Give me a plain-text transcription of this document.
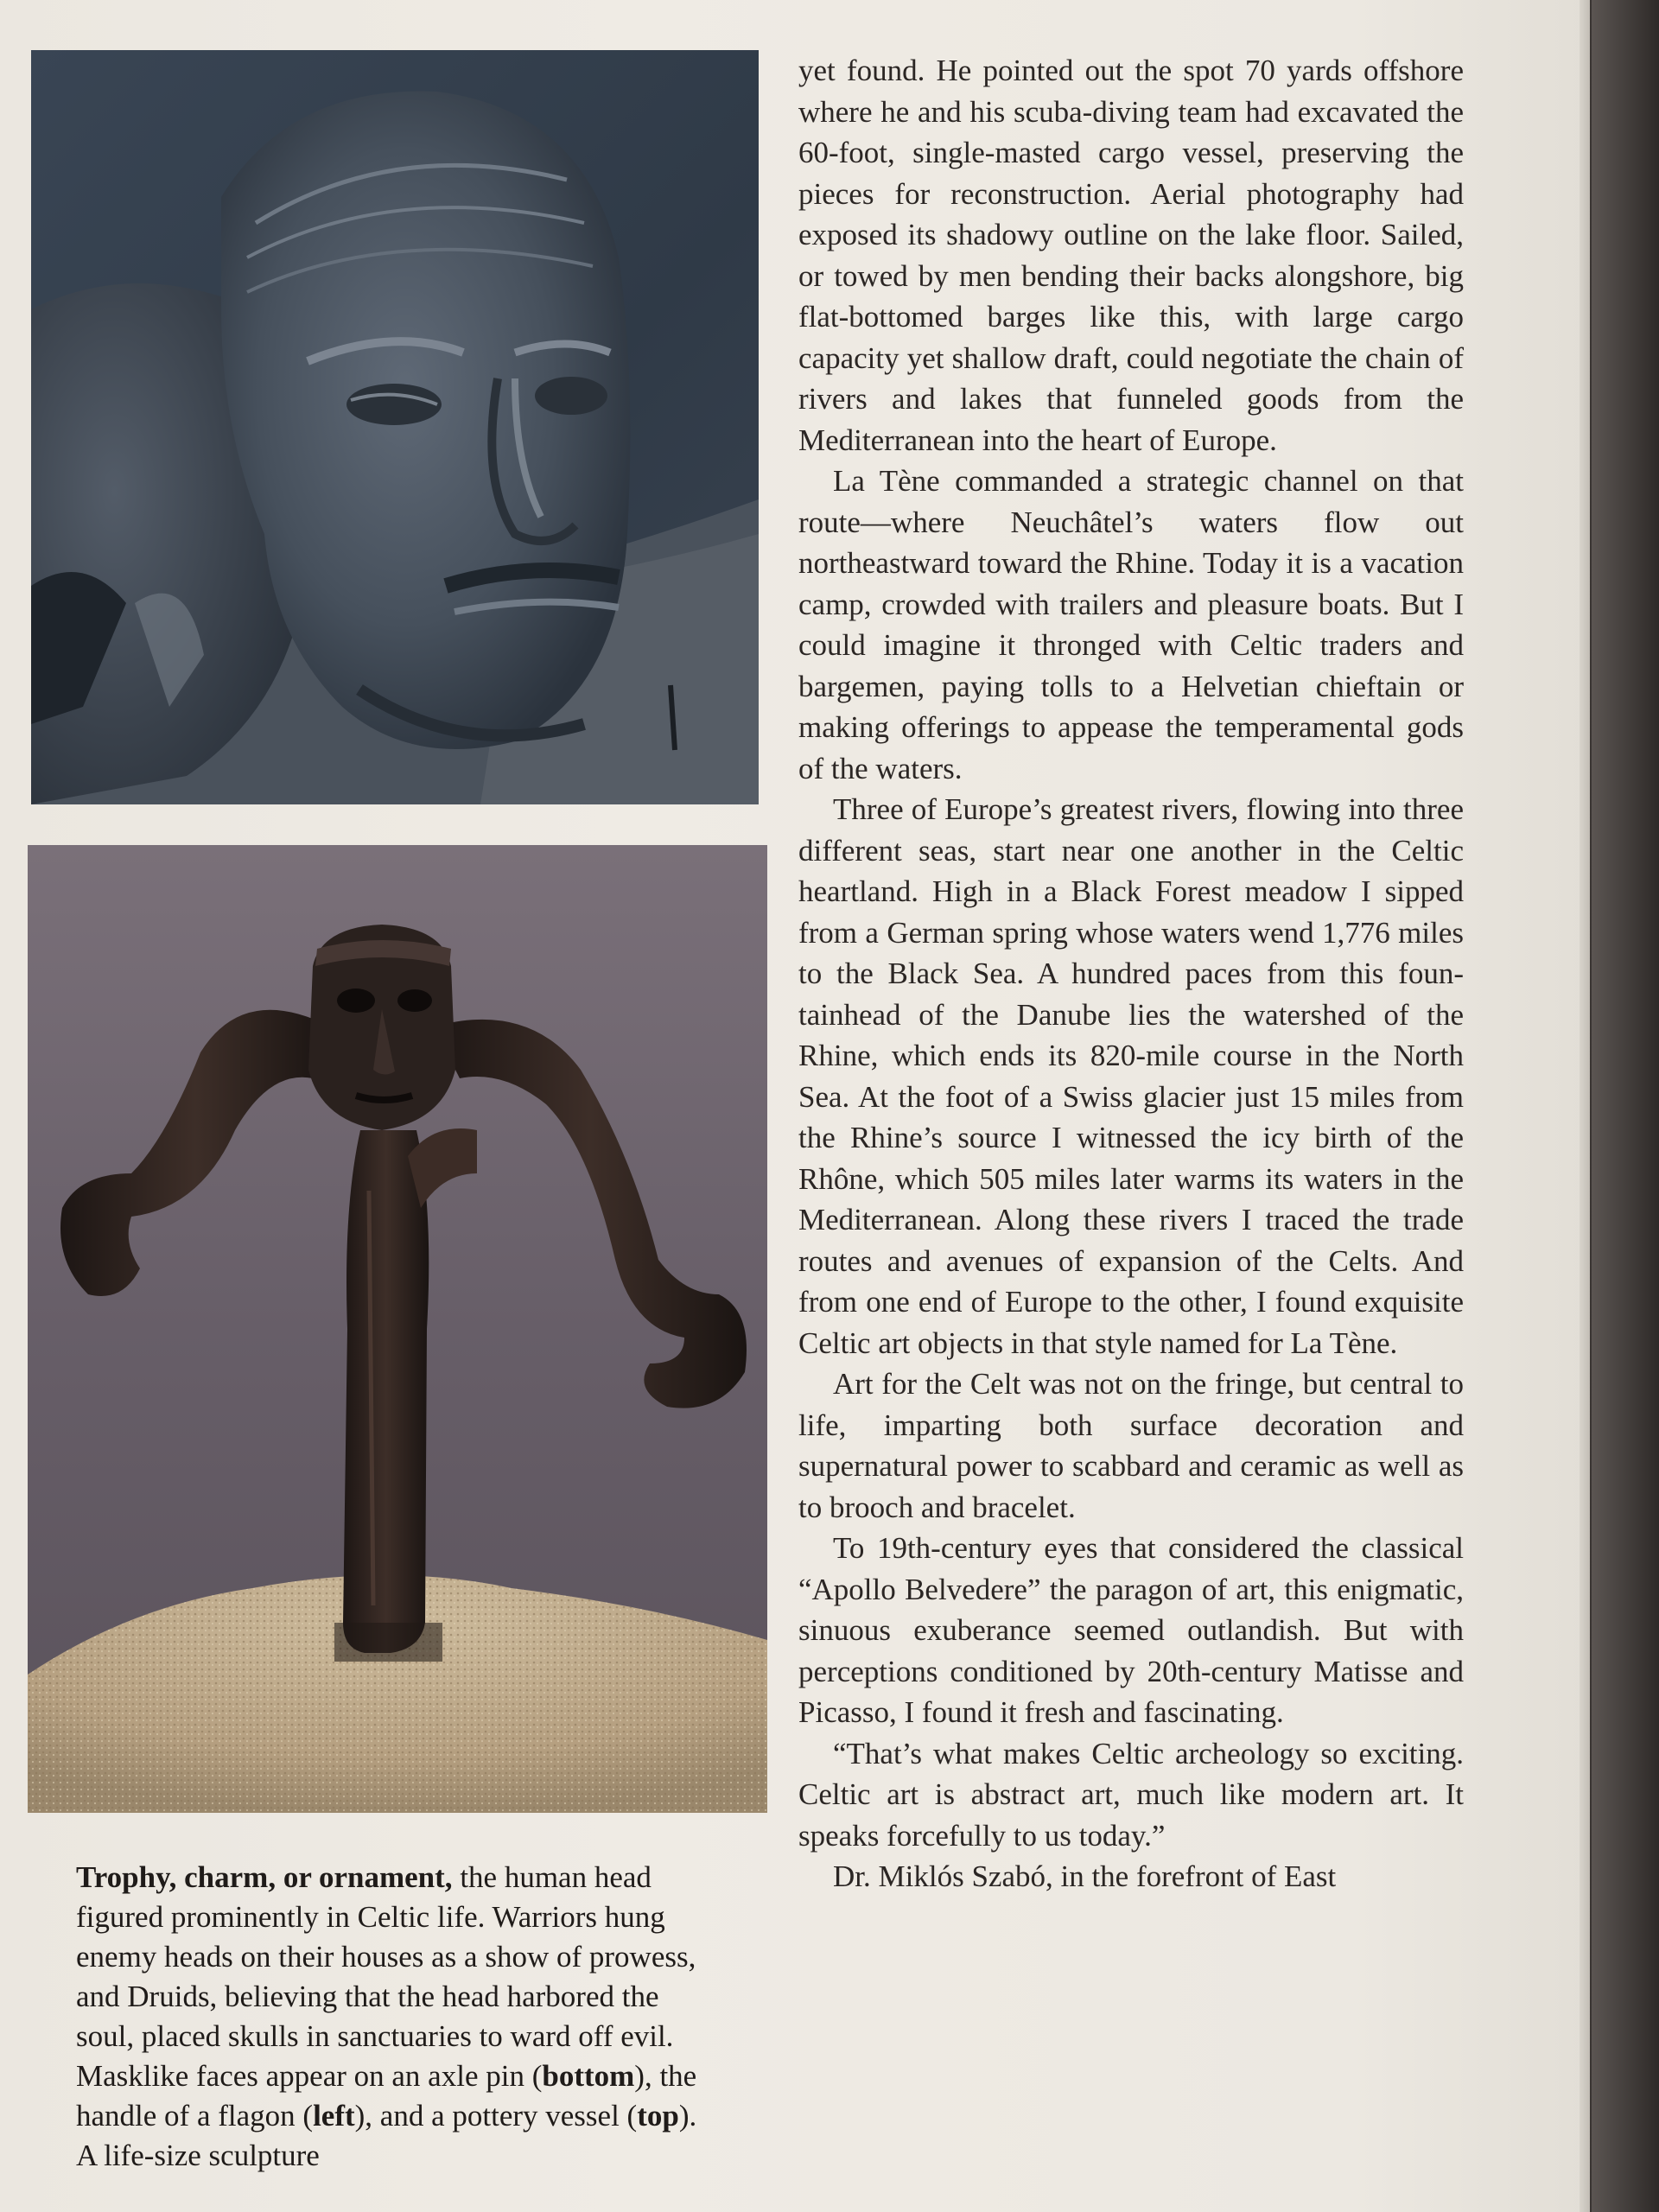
Trophy, charm, or ornament, the human head figured prominently in Celtic life. Warriors hung enemy heads on their houses as a show of prowess, and Druids, believing that the head harbored the soul, placed skulls in sanctuaries to ward off evil. Masklike faces appear on an axle pin (bottom), the handle of a flagon (left), and a pottery vessel (top). A life-size sculpture

yet found. He pointed out the spot 70 yards offshore where he and his scuba-diving team had excavated the 60-foot, single-masted cargo vessel, preserving the pieces for reconstruction. Aerial photography had exposed its shadowy outline on the lake floor. Sailed, or towed by men bending their backs alongshore, big flat-bottomed barges like this, with large cargo capacity yet shallow draft, could negotiate the chain of rivers and lakes that funneled goods from the Mediterranean into the heart of Europe.

La Tène commanded a strategic channel on that route—where Neuchâtel’s waters flow out northeastward toward the Rhine. Today it is a vacation camp, crowded with trailers and pleasure boats. But I could imagine it thronged with Celtic traders and bargemen, paying tolls to a Helvetian chieftain or making offerings to appease the temperamental gods of the waters.

Three of Europe’s greatest rivers, flowing into three different seas, start near one another in the Celtic heartland. High in a Black Forest meadow I sipped from a German spring whose waters wend 1,776 miles to the Black Sea. A hundred paces from this fountainhead of the Danube lies the watershed of the Rhine, which ends its 820-mile course in the North Sea. At the foot of a Swiss glacier just 15 miles from the Rhine’s source I witnessed the icy birth of the Rhône, which 505 miles later warms its waters in the Mediterranean. Along these rivers I traced the trade routes and avenues of expansion of the Celts. And from one end of Europe to the other, I found exquisite Celtic art objects in that style named for La Tène.

Art for the Celt was not on the fringe, but central to life, imparting both surface decoration and supernatural power to scabbard and ceramic as well as to brooch and bracelet.

To 19th-century eyes that considered the classical “Apollo Belvedere” the paragon of art, this enigmatic, sinuous exuberance seemed outlandish. But with perceptions conditioned by 20th-century Matisse and Picasso, I found it fresh and fascinating.

“That’s what makes Celtic archeology so exciting. Celtic art is abstract art, much like modern art. It speaks forcefully to us today.”

Dr. Miklós Szabó, in the forefront of East
